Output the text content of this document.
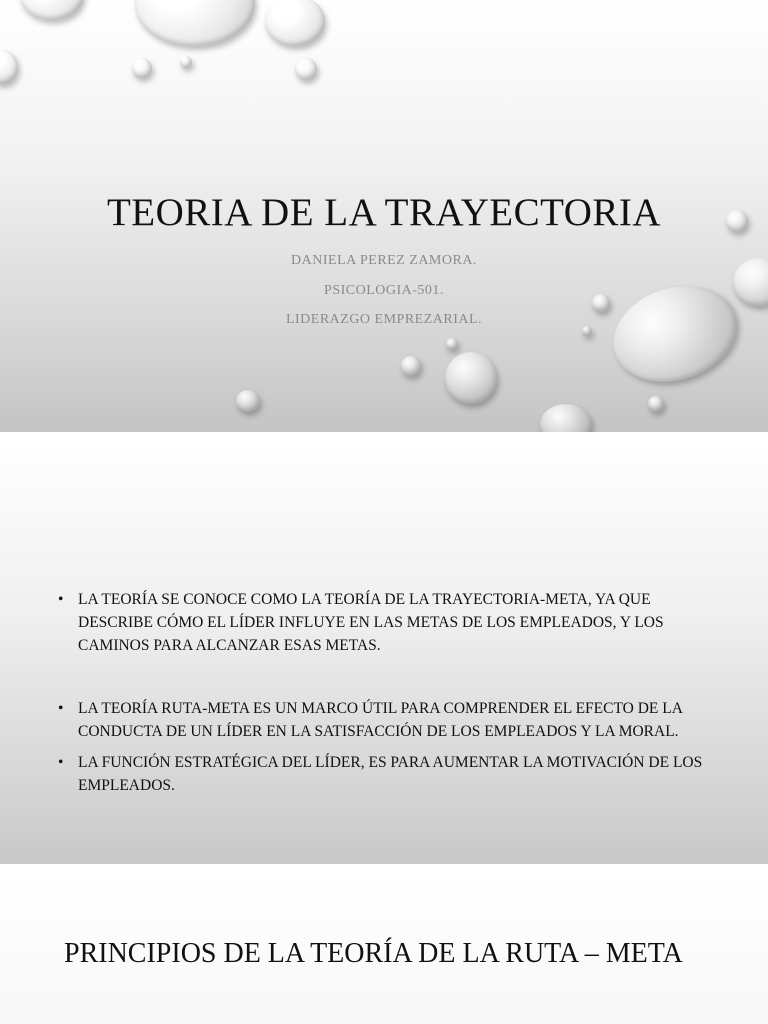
TEORIA DE LA TRAYECTORIA
DANIELA PEREZ ZAMORA.
PSICOLOGIA-501.
LIDERAZGO EMPREZARIAL.
• LA TEORÍA SE CONOCE COMO LA TEORÍA DE LA TRAYECTORIA-META, YA QUE DESCRIBE CÓMO EL LÍDER INFLUYE EN LAS METAS DE LOS EMPLEADOS, Y LOS CAMINOS PARA ALCANZAR ESAS METAS.
• LA TEORÍA RUTA-META ES UN MARCO ÚTIL PARA COMPRENDER EL EFECTO DE LA CONDUCTA DE UN LÍDER EN LA SATISFACCIÓN DE LOS EMPLEADOS Y LA MORAL.
• LA FUNCIÓN ESTRATÉGICA DEL LÍDER, ES PARA AUMENTAR LA MOTIVACIÓN DE LOS EMPLEADOS.
PRINCIPIOS DE LA TEORÍA DE LA RUTA – META
